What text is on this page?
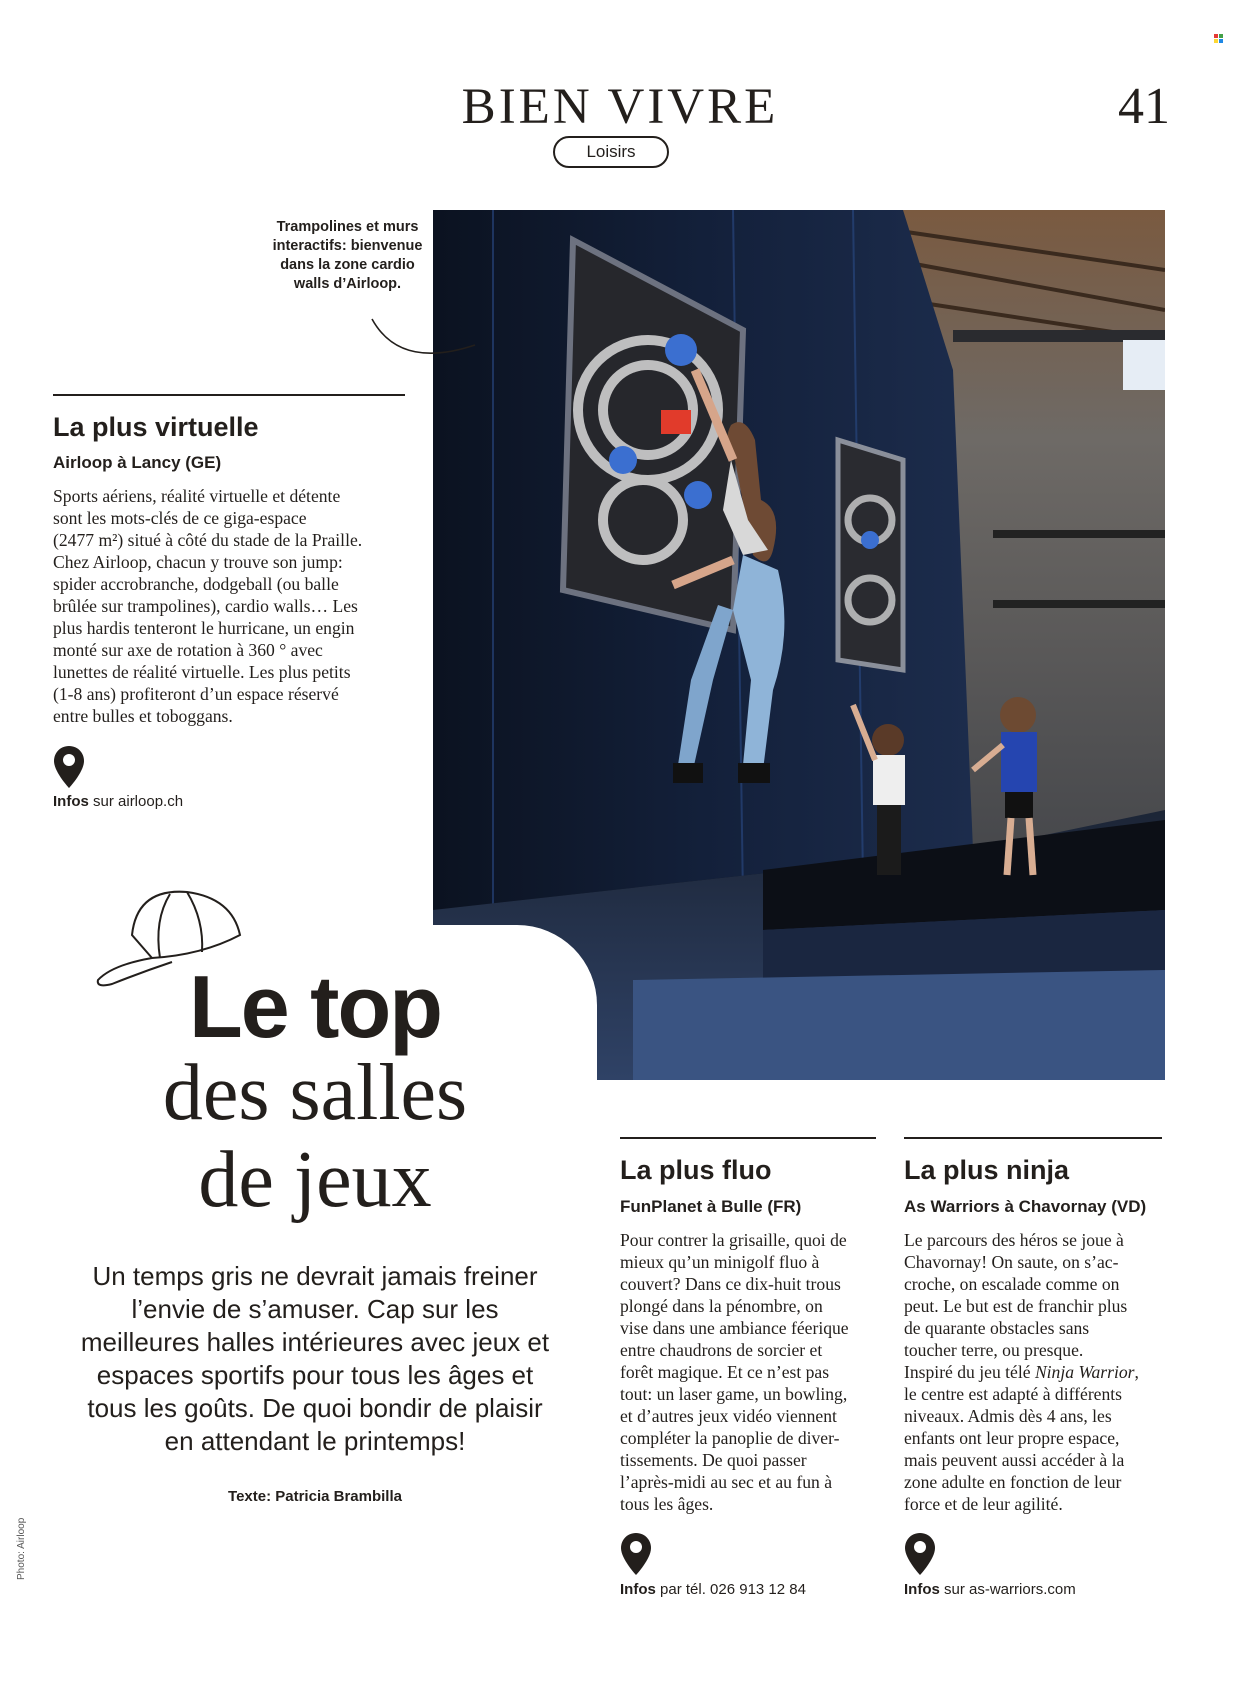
BIEN VIVRE
Loisirs
41
Trampolines et murs interactifs: bienvenue dans la zone cardio walls d’Airloop.
La plus virtuelle
Airloop à Lancy (GE)
Sports aériens, réalité virtuelle et détente
sont les mots-clés de ce giga-espace
(2477 m²) situé à côté du stade de la Praille.
Chez Airloop, chacun y trouve son jump:
spider accrobranche, dodgeball (ou balle
brûlée sur trampolines), cardio walls… Les
plus hardis tenteront le hurricane, un engin
monté sur axe de rotation à 360 ° avec
lunettes de réalité virtuelle. Les plus petits
(1-8 ans) profiteront d’un espace réservé
entre bulles et toboggans.
Infos sur airloop.ch
Le top
des salles
de jeux
Un temps gris ne devrait jamais freiner l’envie de s’amuser. Cap sur les meilleures halles intérieures avec jeux et espaces sportifs pour tous les âges et tous les goûts. De quoi bondir de plaisir en attendant le printemps!
Texte: Patricia Brambilla
La plus fluo
FunPlanet à Bulle (FR)
Pour contrer la grisaille, quoi de
mieux qu’un minigolf fluo à
couvert? Dans ce dix-huit trous
plongé dans la pénombre, on
vise dans une ambiance féerique
entre chaudrons de sorcier et
forêt magique. Et ce n’est pas
tout: un laser game, un bowling,
et d’autres jeux vidéo viennent
compléter la panoplie de diver-
tissements. De quoi passer
l’après-midi au sec et au fun à
tous les âges.
Infos par tél. 026 913 12 84
La plus ninja
As Warriors à Chavornay (VD)
Le parcours des héros se joue à
Chavornay! On saute, on s’ac-
croche, on escalade comme on
peut. Le but est de franchir plus
de quarante obstacles sans
toucher terre, ou presque.
Inspiré du jeu télé Ninja Warrior,
le centre est adapté à différents
niveaux. Admis dès 4 ans, les
enfants ont leur propre espace,
mais peuvent aussi accéder à la
zone adulte en fonction de leur
force et de leur agilité.
Infos sur as-warriors.com
Photo: Airloop
